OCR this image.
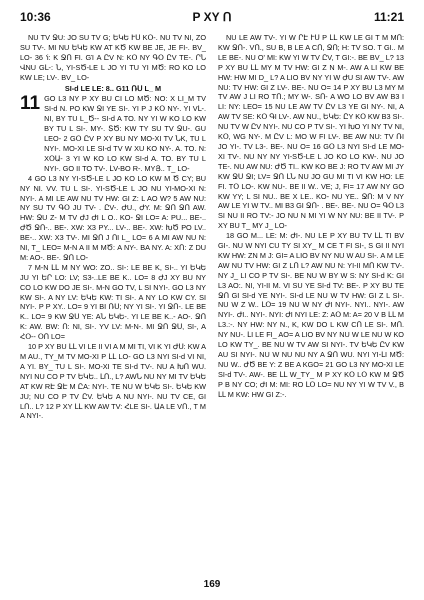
10:36	P XY Ո	11:21

NU TV ՋU: JO SU TV G; ԵԿԵ ՒՍ KՕ-. NU TV NI, ZO SU TV-. MI NU ԵԿԵ KW AT KԾ KW BE JE, JE FI-. BV_ LO- 36 'Ꭵ: K ՋՈ FI. GΊ A ԸV N: KՕ NY ԳՕ ԸV TE-. ՐՆ ՎNU GԼ-: Ն, YI-SԾ-LE L JO YI TU YI MԾ: RO KO LO KW LE; LV-. BV_ LO-

SI-d LE LE: 8.. G11 ՌՍ L_ M

11 GO L3 NY P XY BU CI LO MԾ: NO: X LI_M TV SI-d N. PO KW ՋI YE SI-. YI P J KՕ NY-. YI VԼ-. NI, BY TU L_Ծ-- SI-d A TO. NY YI W KO LO KW BY TU L SI-. MY-. ՏԾ: KW TY SU TV ՋU-. GU LEO- 2 GՕ ԸV P XY BU NY MO-XI TV ՆK, TU L NYI-. MO-XI LE SI-d TV W XU KO NY-. A. TO. N: XՕԱ- 3 YI W KO LO KW SI-d A. TO. BY TU L NYI-. GO II TO TV-. ԼV-BO R-. MYՅ.. T_ LO-

4 GO L3 NY YI-SԾ-LE L JO KO LO KW M Ծ CY; BU NY NI. VV. TU L SI-. YI-SԾ-LE L JO NU YI-MO-XI N: NYI-. A MI LE AW NU TV HW: GI Z: L AO W? 5 AW NU: NY SU TV ԳՕ JU TV- . ԸV-. ԺU., ԺY. M: ՋՈ ՋՈ AW. HW: ՋU Z- M TV ԺJ ԺI L O.. KO- ՋI LO= A: PU... BE-.. ԺԾ ՋՈ-.. BE-. XW: X3 PY... LV-.. BE-. XW: ԽԾ PO LV.. BE-.. XW: X3 TV-. MI ՋՈ J ՈI L_ LO= 6 A MI AW NU N: NI, T_ LEO= M-N A II M MԾ: A NY-. BA NY. A: XՈ: Z DU M: AO-. BE-. ՋՈ LO-

7 M-N ԼԼ M NY WO: ZO.. SI-: LE BE K, SI-.. YI ԵԿԵ JU YI ԵՐ LO: LV; S3-..LE BE K.. LO= 8 ԺJ XY BU NY CO LO KW DO JE SI-. M-N GO TV, L SI NYI-. GO L3 NY KW SI-. A NY LV: ԵԿԵ KW: TI SI-. A NY LO KW CY. SI NYI-. P P XY.. LO= 9 YI BI ՌՍ; NY YI SI-. YI ՋՈ-. LE BE K.. LO= 9 KW ՋՍ YE: AՆ ԵԿԵ-. YI LE BE K..- AO-. ՋՈ K: AW. BW: Ո: NI, SI-. YV LV: M-N-. MI ՋՈ ՋՍ, SI-, A ՀՕ-- ՕՈ LO=

10 P XY BU ԼԼ VI LE II VI A M MI TI, VI K YI ԺՍ: KW A M AU., TY_M TV MO-XI P ԼԼ LO- GO L3 NYI SI-d VI NI, A YI. BY_ TU L SI-. MO-XI TE SI-d TV-. NU A ԽՈ WU. NYI NU CO P TV ԵԿԵ.. ԼՈ., L? AWՆ NU NY MI TV ԵԿԵ AT KW RԷ ՋԷ M ԸA: NYI-. TE NU W ԵԿԵ SI-. ԵԿԵ KW JU; NU CO P TV ԸV. ԵԿԵ A NU NYI-. NU TV CE, GI LՈ.. L? 12 P XY ԼԼ KW AW TV: ՀLE SI-. ԱA LE VՈ., T M A NYI-.

NU LE AW TV-. YI W ՐԷ ՒՍ P ԼԼ KW LE GI T M MՈ: KW ՋՈ-. VՈ., SU B, B LE A CՈ, ՋՈ; H: TV SO. T GI.. M LE BE-. NU O' MI: KW YI W TV ԸV, T GI:-. BE BV_ L? 13 P XY BU ԼԼ MY M TV HW: GI Z N M-. AW A LI KW BE HW: HW MI D_ L? A LIO BV NY YI W ԺU SI AW TV-. AW NU: TV HW: GI Z LV-. BE-. NU O= 14 P XY BU L3 MY M TV AW J LI RO TՈ.; MY W-. SՈ- A WO LO BV AW B3 I LI: NY: LEO= 15 NU LE AW TV ԸV L3 YE GI NY-. NI, A AW TV SE: KՕ ԳI LV-. AW NU., ԵԿԵ: ԸY KՕ KW B3 SI-. NU TV W ԸV NYI-. NU CO P TV SI-. YI ԽO YI NY TV NI, KՕ, WG NY-. M ԸV L: MO W FI LV-. BE AW NU: TV ՌI JO YI-. TV L3-. BE-. NU O= 16 GՕ L3 NYI SI-d LE MO-XI TV-. NU NY NY YI-SԾ-LE L JO KO LO KW-. NU JO TE-. NU AW NU: ԺԾ TI.. KW KO BE J: RO TV AW MI JY KW ՋՍ ՋI; LV= ՋՈ ԼՆ NU JO GU MI TI VI KW HO: LE FI. TՕ LO-. KW NU-. BE II W.. VE; J, FI= 17 AW NY GO KW YY; L SI NU.. BE X LE.. KO- NU YE.. ՋՈ: M V NY AW LE YI W TV.. MI B3 GI ՋՈ- . BE-. BE-. NU O= ԳՕ L3 SI NU II RO TV:- JO NU N MI YI W NY NU: BE II TV-. P XY BU T_ MY J_ LO-

18 GO M... LE: M: ԺI-. NU LE P XY BU TV ԼԼ TI BV GI-. NU W NYI CU TY SI XY_ M CE T FI SI-, S GI II NYI KW HW: ZN M J: GI= A LIO BV NY NU W AU SI-. A M LE AW NU TV HW: GI Z LՈ L? AW NU N: YI-II MՈ KW TV-. NY J_ LI CO P TV SI-. BE NU W BY W S: NY SI-d K: GI L3 AO:. NI, YI-II M. VI SU YE SI-d TV: BE-. P XY BU TE ՋՈ GI SI-d YE NYI-. SI-d LE NU W TV HW: GI Z L SI-. NU W Z W.. ԼՕ= 19 NU W NY ԺI NYI-. NYI.. NYI-. AW NYI-. ԺI.. NYI-. NYI: ԺI NYI LE: Z: AՕ M: A= 20 V B ԼԼ M L3.:-. NY HW: NY N., K, KW DO L KW CՈ LE SI-. MՈ. NY NU-. ԼI LE FI_ AO= A LIO BV NY NU W LE NU W KO LO KW TY_. BE NU W TV AW SI NYI-. TV ԵԿԵ ԸV KW AU SI NYI-. NU W NU NU NY A ՋՈ WU. NYI YI-ԼI MԾ: NU W.. ԺԾ BE Y: Z BE A KGO= 21 GO L3 NY MO-XI LE SI-d TV-. AW-. BE ԼԼ W_TY_ M P XY KՕ LՕ KW M ՋԾ P B NY CO; ԺI M: MI: RO ԼՕ LO= NU NY YI W TV V., B ԼԼ M KW: HW GI Z:-.

169
